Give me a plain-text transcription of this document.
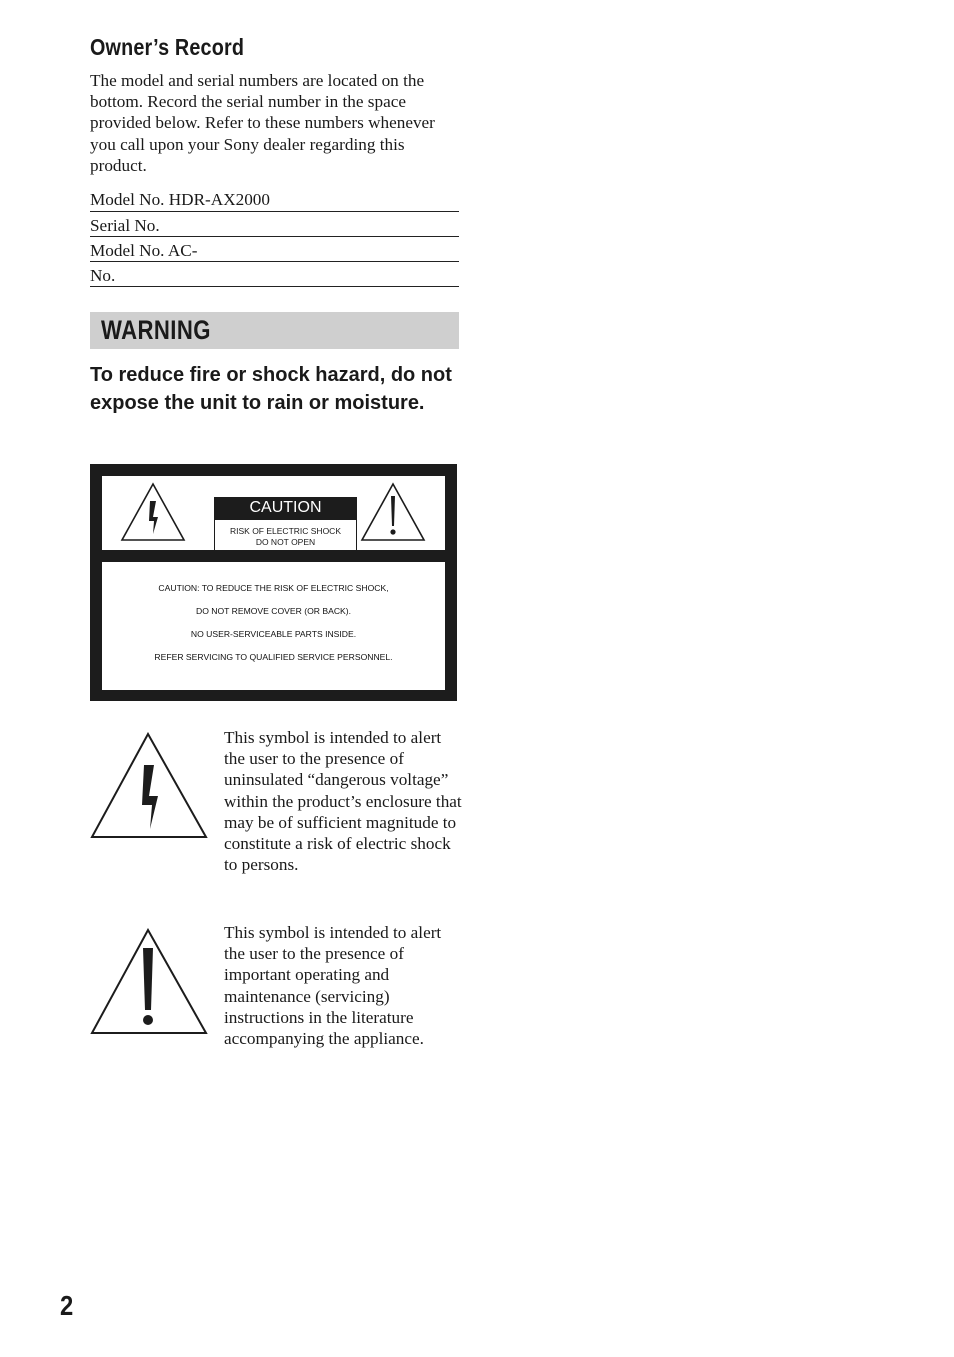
Owner’s Record

The model and serial numbers are located on the bottom. Record the serial number in the space provided below. Refer to these numbers whenever you call upon your Sony dealer regarding this product.

Model No. HDR-AX2000
Serial No.
Model No. AC-
No.
WARNING

To reduce fire or shock hazard, do not expose the unit to rain or moisture.

CAUTION
RISK OF ELECTRIC SHOCK
DO NOT OPEN
CAUTION: TO REDUCE THE RISK OF ELECTRIC SHOCK,
DO NOT REMOVE COVER (OR BACK).
NO USER-SERVICEABLE PARTS INSIDE.
REFER SERVICING TO QUALIFIED SERVICE PERSONNEL.

This symbol is intended to alert the user to the presence of uninsulated “dangerous voltage” within the product’s enclosure that may be of sufficient magnitude to constitute a risk of electric shock to persons.

This symbol is intended to alert the user to the presence of important operating and maintenance (servicing) instructions in the literature accompanying the appliance.

2
